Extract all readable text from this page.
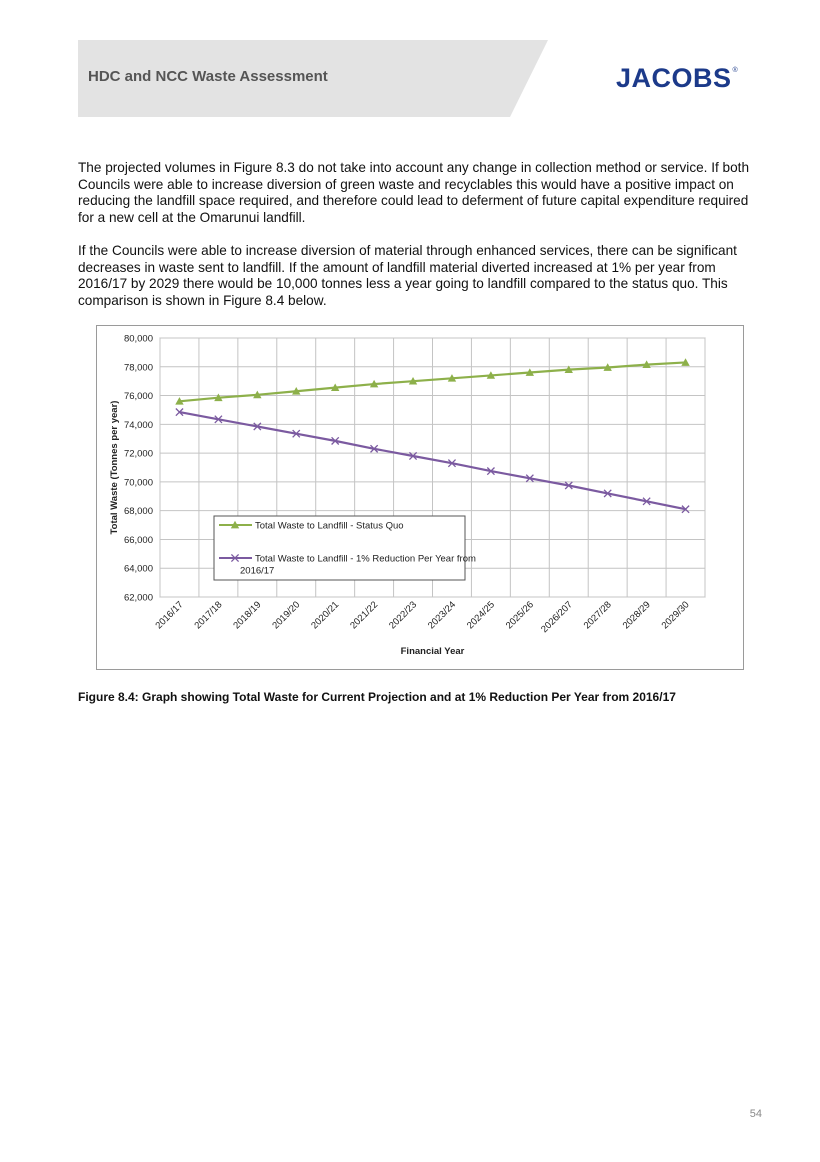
HDC and NCC Waste Assessment	JACOBS®

The projected volumes in Figure 8.3 do not take into account any change in collection method or service. If both Councils were able to increase diversion of green waste and recyclables this would have a positive impact on reducing the landfill space required, and therefore could lead to deferment of future capital expenditure required for a new cell at the Omarunui landfill.

If the Councils were able to increase diversion of material through enhanced services, there can be significant decreases in waste sent to landfill. If the amount of landfill material diverted increased at 1% per year from 2016/17 by 2029 there would be 10,000 tonnes less a year going to landfill compared to the status quo. This comparison is shown in Figure 8.4 below.

62,000
64,000
66,000
68,000
70,000
72,000
74,000
76,000
78,000
80,000
2016/17 2017/18 2018/19 2019/20 2020/21 2021/22 2022/23 2023/24 2024/25 2025/26 2026/207 2027/28 2028/29 2029/30
Financial Year
Total Waste (Tonnes per year)	Total Waste to Landfill - Status Quo
Total Waste to Landfill - 1% Reduction Per Year from 2016/17
Figure 8.4: Graph showing Total Waste for Current Projection and at 1% Reduction Per Year from 2016/17
54
